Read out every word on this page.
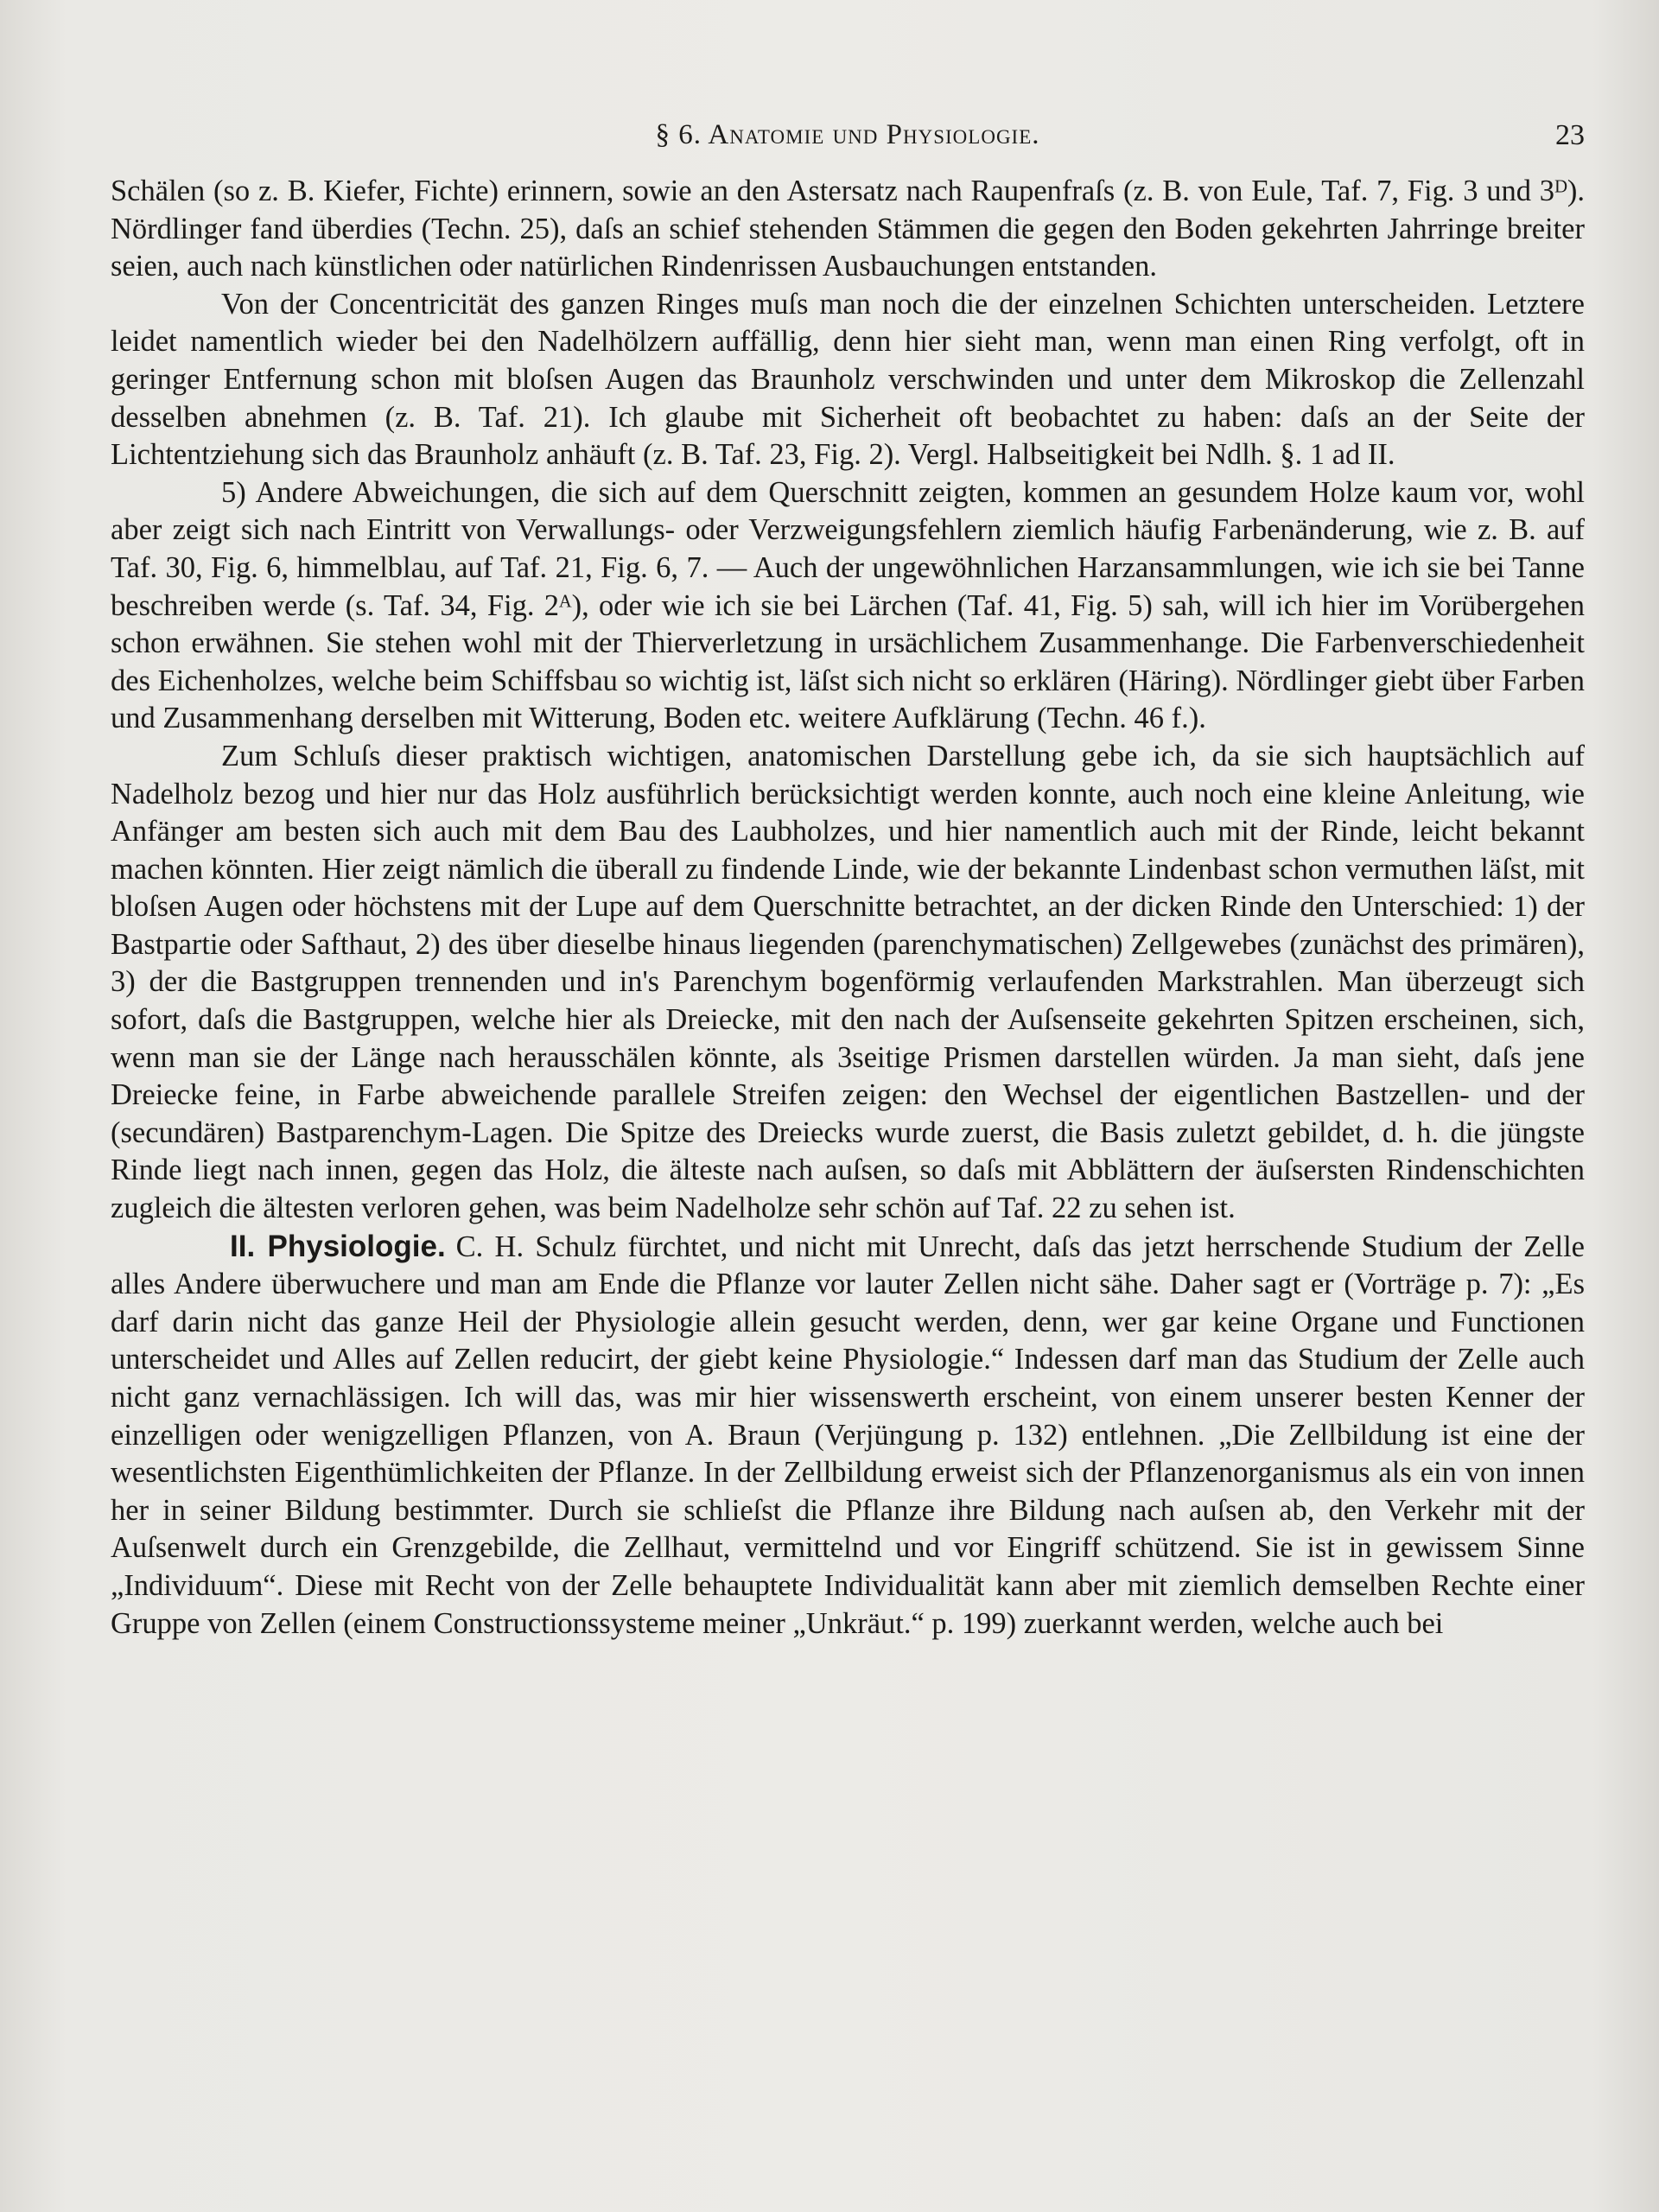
§ 6. Anatomie und Physiologie.	23

Schälen (so z. B. Kiefer, Fichte) erinnern, sowie an den Astersatz nach Raupenfraſs (z. B. von Eule, Taf. 7, Fig. 3 und 3ᴰ). Nördlinger fand überdies (Techn. 25), daſs an schief stehenden Stämmen die gegen den Boden gekehrten Jahrringe breiter seien, auch nach künstlichen oder natürlichen Rindenrissen Ausbauchungen entstanden.

Von der Concentricität des ganzen Ringes muſs man noch die der einzelnen Schichten unterscheiden. Letztere leidet namentlich wieder bei den Nadelhölzern auffällig, denn hier sieht man, wenn man einen Ring verfolgt, oft in geringer Entfernung schon mit bloſsen Augen das Braunholz verschwinden und unter dem Mikroskop die Zellenzahl desselben abnehmen (z. B. Taf. 21). Ich glaube mit Sicherheit oft beobachtet zu haben: daſs an der Seite der Lichtentziehung sich das Braunholz anhäuft (z. B. Taf. 23, Fig. 2). Vergl. Halbseitigkeit bei Ndlh. §. 1 ad II.

5) Andere Abweichungen, die sich auf dem Querschnitt zeigten, kommen an gesundem Holze kaum vor, wohl aber zeigt sich nach Eintritt von Verwallungs- oder Verzweigungsfehlern ziemlich häufig Farbenänderung, wie z. B. auf Taf. 30, Fig. 6, himmelblau, auf Taf. 21, Fig. 6, 7. — Auch der ungewöhnlichen Harzansammlungen, wie ich sie bei Tanne beschreiben werde (s. Taf. 34, Fig. 2ᴬ), oder wie ich sie bei Lärchen (Taf. 41, Fig. 5) sah, will ich hier im Vorübergehen schon erwähnen. Sie stehen wohl mit der Thierverletzung in ursächlichem Zusammenhange. Die Farbenverschiedenheit des Eichenholzes, welche beim Schiffsbau so wichtig ist, läſst sich nicht so erklären (Häring). Nördlinger giebt über Farben und Zusammenhang derselben mit Witterung, Boden etc. weitere Aufklärung (Techn. 46 f.).

Zum Schluſs dieser praktisch wichtigen, anatomischen Darstellung gebe ich, da sie sich hauptsächlich auf Nadelholz bezog und hier nur das Holz ausführlich berücksichtigt werden konnte, auch noch eine kleine Anleitung, wie Anfänger am besten sich auch mit dem Bau des Laubholzes, und hier namentlich auch mit der Rinde, leicht bekannt machen könnten. Hier zeigt nämlich die überall zu findende Linde, wie der bekannte Lindenbast schon vermuthen läſst, mit bloſsen Augen oder höchstens mit der Lupe auf dem Querschnitte betrachtet, an der dicken Rinde den Unterschied: 1) der Bastpartie oder Safthaut, 2) des über dieselbe hinaus liegenden (parenchymatischen) Zellgewebes (zunächst des primären), 3) der die Bastgruppen trennenden und in's Parenchym bogenförmig verlaufenden Markstrahlen. Man überzeugt sich sofort, daſs die Bastgruppen, welche hier als Dreiecke, mit den nach der Auſsenseite gekehrten Spitzen erscheinen, sich, wenn man sie der Länge nach herausschälen könnte, als 3seitige Prismen darstellen würden. Ja man sieht, daſs jene Dreiecke feine, in Farbe abweichende parallele Streifen zeigen: den Wechsel der eigentlichen Bastzellen- und der (secundären) Bastparenchym-Lagen. Die Spitze des Dreiecks wurde zuerst, die Basis zuletzt gebildet, d. h. die jüngste Rinde liegt nach innen, gegen das Holz, die älteste nach auſsen, so daſs mit Abblättern der äuſsersten Rindenschichten zugleich die ältesten verloren gehen, was beim Nadelholze sehr schön auf Taf. 22 zu sehen ist.

II. Physiologie. C. H. Schulz fürchtet, und nicht mit Unrecht, daſs das jetzt herrschende Studium der Zelle alles Andere überwuchere und man am Ende die Pflanze vor lauter Zellen nicht sähe. Daher sagt er (Vorträge p. 7): „Es darf darin nicht das ganze Heil der Physiologie allein gesucht werden, denn, wer gar keine Organe und Functionen unterscheidet und Alles auf Zellen reducirt, der giebt keine Physiologie.“ Indessen darf man das Studium der Zelle auch nicht ganz vernachlässigen. Ich will das, was mir hier wissenswerth erscheint, von einem unserer besten Kenner der einzelligen oder wenigzelligen Pflanzen, von A. Braun (Verjüngung p. 132) entlehnen. „Die Zellbildung ist eine der wesentlichsten Eigenthümlichkeiten der Pflanze. In der Zellbildung erweist sich der Pflanzenorganismus als ein von innen her in seiner Bildung bestimmter. Durch sie schlieſst die Pflanze ihre Bildung nach auſsen ab, den Verkehr mit der Auſsenwelt durch ein Grenzgebilde, die Zellhaut, vermittelnd und vor Eingriff schützend. Sie ist in gewissem Sinne „Individuum“. Diese mit Recht von der Zelle behauptete Individualität kann aber mit ziemlich demselben Rechte einer Gruppe von Zellen (einem Constructionssysteme meiner „Unkräut.“ p. 199) zuerkannt werden, welche auch bei
